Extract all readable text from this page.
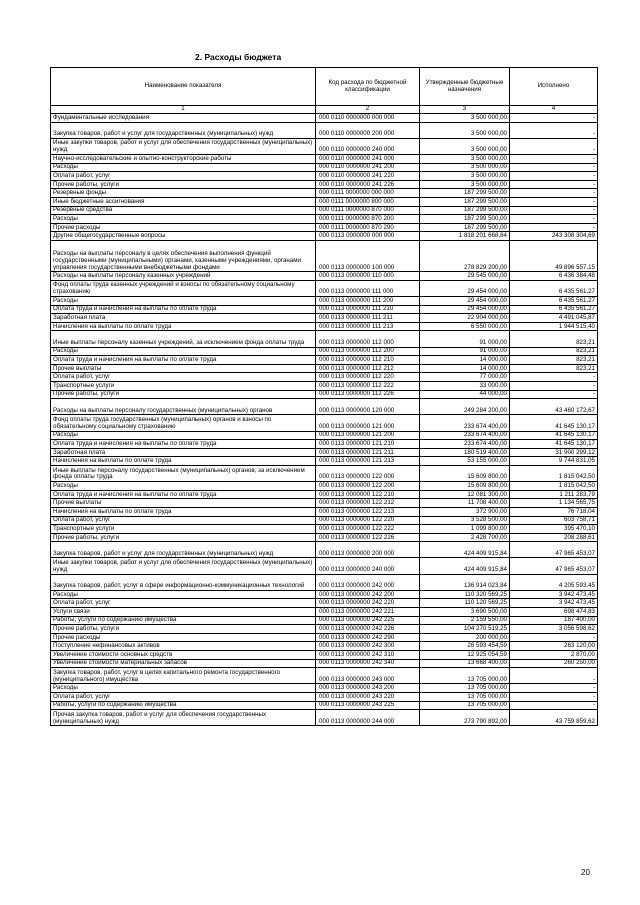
2. Расходы бюджета
Наименование показателя	Код расхода по бюджетной классификации	Утвержденные бюджетные назначения	Исполнено
1	2	3	4
Фундаментальные исследования	000 0110 0000000 000 000	3 500 000,00	-
Закупка товаров, работ и услуг для государственных (муниципальных) нужд	000 0110 0000000 200 000	3 500 000,00	-
Иные закупки товаров, работ и услуг для обеспечения государственных (муниципальных) нужд	000 0110 0000000 240 000	3 500 000,00	-
Научно-исследовательские и опытно-конструкторские работы	000 0110 0000000 241 000	3 500 000,00	-
Расходы	000 0110 0000000 241 200	3 500 000,00	-
Оплата работ, услуг	000 0110 0000000 241 220	3 500 000,00	-
Прочие работы, услуги	000 0110 0000000 241 226	3 500 000,00	-
Резервные фонды	000 0111 0000000 000 000	187 299 500,00	-
Иные бюджетные ассигнования	000 0111 0000000 800 000	187 299 500,00	-
Резервные средства	000 0111 0000000 870 000	187 299 500,00	-
Расходы	000 0111 0000000 870 200	187 299 500,00	-
Прочие расходы	000 0111 0000000 870 290	187 299 500,00	-
Другие общегосударственные вопросы	000 0113 0000000 000 000	1 818 201 668,84	243 308 304,69
Расходы на выплаты персоналу в целях обеспечения выполнения функций государственными (муниципальными) органами, казенными учреждениями, органами управления государственными внебюджетными фондами	000 0113 0000000 100 000	278 829 200,00	49 896 557,15
Расходы на выплаты персоналу казенных учреждений	000 0113 0000000 110 000	29 545 000,00	6 436 384,48
Фонд оплаты труда казенных учреждений и взносы по обязательному социальному страхованию	000 0113 0000000 111 000	29 454 000,00	6 435 561,27
Расходы	000 0113 0000000 111 200	29 454 000,00	6 435 561,27
Оплата труда и начисления на выплаты по оплате труда	000 0113 0000000 111 210	29 454 000,00	6 435 561,27
Заработная плата	000 0113 0000000 111 211	22 904 000,00	4 491 045,87
Начисления на выплаты по оплате труда	000 0113 0000000 111 213	6 550 000,00	1 944 515,40
Иные выплаты персоналу казенных учреждений, за исключением фонда оплаты труда	000 0113 0000000 112 000	91 000,00	823,21
Расходы	000 0113 0000000 112 200	91 000,00	823,21
Оплата труда и начисления на выплаты по оплате труда	000 0113 0000000 112 210	14 000,00	823,21
Прочие выплаты	000 0113 0000000 112 212	14 000,00	823,21
Оплата работ, услуг	000 0113 0000000 112 220	77 000,00	-
Транспортные услуги	000 0113 0000000 112 222	33 000,00	-
Прочие работы, услуги	000 0113 0000000 112 226	44 000,00	-
Расходы на выплаты персоналу государственных (муниципальных) органов	000 0113 0000000 120 000	249 284 200,00	43 460 172,67
Фонд оплаты труда государственных (муниципальных) органов и взносы по обязательному социальному страхованию	000 0113 0000000 121 000	233 674 400,00	41 645 130,17
Расходы	000 0113 0000000 121 200	233 674 400,00	41 645 130,17
Оплата труда и начисления на выплаты по оплате труда	000 0113 0000000 121 210	233 674 400,00	41 645 130,17
Заработная плата	000 0113 0000000 121 211	180 519 400,00	31 900 299,12
Начисления на выплаты по оплате труда	000 0113 0000000 121 213	53 155 000,00	9 744 831,05
Иные выплаты персоналу государственных (муниципальных) органов, за исключением фонда оплаты труда	000 0113 0000000 122 000	15 609 800,00	1 815 042,50
Расходы	000 0113 0000000 122 200	15 609 800,00	1 815 042,50
Оплата труда и начисления на выплаты по оплате труда	000 0113 0000000 122 210	12 081 300,00	1 211 283,79
Прочие выплаты	000 0113 0000000 122 212	11 708 400,00	1 134 565,75
Начисления на выплаты по оплате труда	000 0113 0000000 122 213	372 900,00	76 718,04
Оплата работ, услуг	000 0113 0000000 122 220	3 528 500,00	603 758,71
Транспортные услуги	000 0113 0000000 122 222	1 099 800,00	395 470,10
Прочие работы, услуги	000 0113 0000000 122 226	2 428 700,00	208 288,61
Закупка товаров, работ и услуг для государственных (муниципальных) нужд	000 0113 0000000 200 000	424 409 915,84	47 965 453,07
Иные закупки товаров, работ и услуг для обеспечения государственных (муниципальных) нужд	000 0113 0000000 240 000	424 409 915,84	47 965 453,07
Закупка товаров, работ, услуг в сфере информационно-коммуникационных технологий	000 0113 0000000 242 000	136 914 023,84	4 205 593,45
Расходы	000 0113 0000000 242 200	110 320 569,25	3 942 473,45
Оплата работ, услуг	000 0113 0000000 242 220	110 120 569,25	3 942 473,45
Услуги связи	000 0113 0000000 242 221	3 690 500,00	698 474,83
Работы, услуги по содержанию имущества	000 0113 0000000 242 225	2 159 550,00	187 400,00
Прочие работы, услуги	000 0113 0000000 242 226	104 270 519,25	3 056 598,62
Прочие расходы	000 0113 0000000 242 290	200 000,00	-
Поступление нефинансовых активов	000 0113 0000000 242 300	26 593 454,59	263 120,00
Увеличение стоимости основных средств	000 0113 0000000 242 310	12 925 054,59	2 870,00
Увеличение стоимости материальных запасов	000 0113 0000000 242 340	13 668 400,00	260 250,00
Закупка товаров, работ, услуг в целях капитального ремонта государственного (муниципального) имущества	000 0113 0000000 243 000	13 705 000,00	-
Расходы	000 0113 0000000 243 200	13 705 000,00	-
Оплата работ, услуг	000 0113 0000000 243 220	13 705 000,00	-
Работы, услуги по содержанию имущества	000 0113 0000000 243 225	13 705 000,00	-
Прочая закупка товаров, работ и услуг для обеспечения государственных (муниципальных) нужд	000 0113 0000000 244 000	273 790 892,00	43 759 859,62
20
